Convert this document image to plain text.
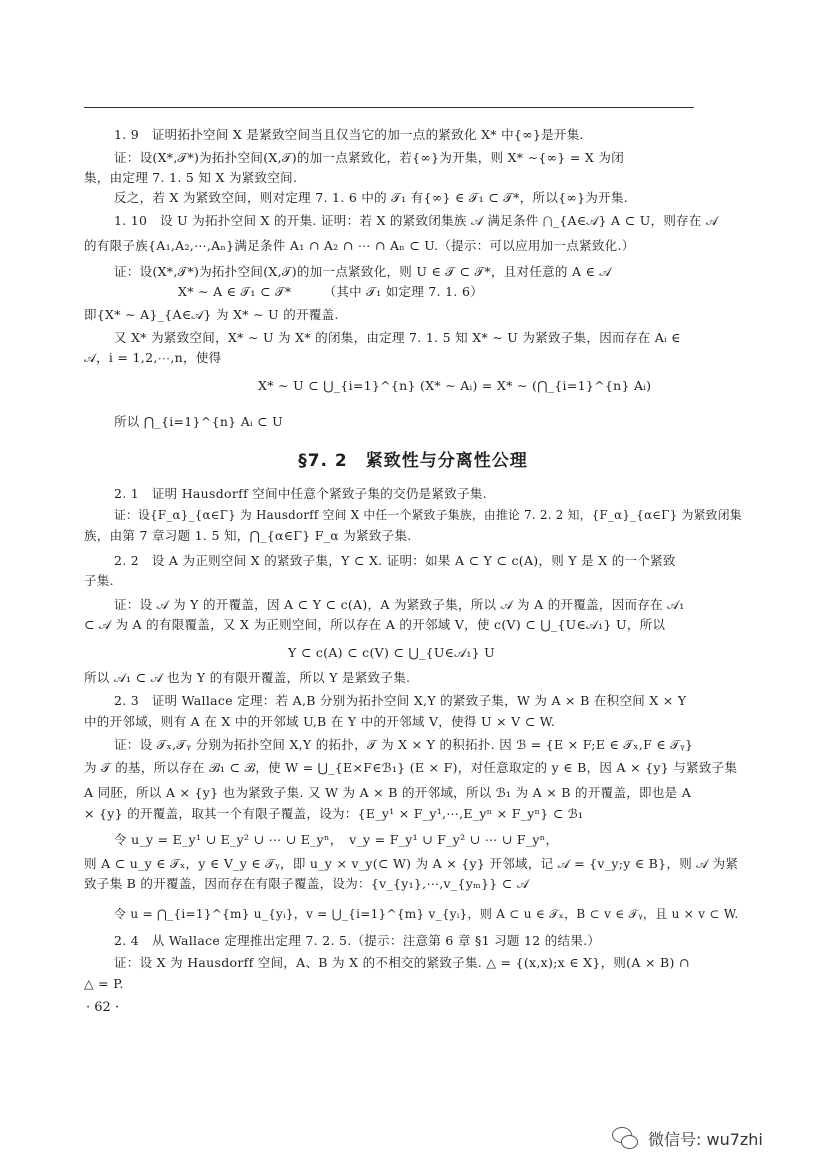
1. 9　证明拓扑空间 X 是紧致空间当且仅当它的加一点的紧致化 X* 中{∞}是开集.
证：设(X*,𝒯*)为拓扑空间(X,𝒯)的加一点紧致化，若{∞}为开集，则 X* ∼{∞} = X 为闭
集，由定理 7. 1. 5 知 X 为紧致空间.
反之，若 X 为紧致空间，则对定理 7. 1. 6 中的 𝒯₁ 有{∞} ∈ 𝒯₁ ⊂ 𝒯*，所以{∞}为开集.
1. 10　设 U 为拓扑空间 X 的开集. 证明：若 X 的紧致闭集族 𝒜 满足条件 ⋂_{A∈𝒜} A ⊂ U，则存在 𝒜
的有限子族{A₁,A₂,⋯,Aₙ}满足条件 A₁ ∩ A₂ ∩ ⋯ ∩ Aₙ ⊂ U.（提示：可以应用加一点紧致化.）
证：设(X*,𝒯*)为拓扑空间(X,𝒯)的加一点紧致化，则 U ∈ 𝒯 ⊂ 𝒯*，且对任意的 A ∈ 𝒜
X* ∼ A ∈ 𝒯₁ ⊂ 𝒯*　　　（其中 𝒯₁ 如定理 7. 1. 6）
即{X* ∼ A}_{A∈𝒜} 为 X* ∼ U 的开覆盖.
又 X* 为紧致空间，X* ∼ U 为 X* 的闭集，由定理 7. 1. 5 知 X* ∼ U 为紧致子集，因而存在 Aᵢ ∈
𝒜，i = 1,2,⋯,n，使得
X* ∼ U ⊂ ⋃_{i=1}^{n} (X* ∼ Aᵢ) = X* ∼ (⋂_{i=1}^{n} Aᵢ)
所以 ⋂_{i=1}^{n} Aᵢ ⊂ U
§7. 2　紧致性与分离性公理
2. 1　证明 Hausdorff 空间中任意个紧致子集的交仍是紧致子集.
证：设{F_α}_{α∈Γ} 为 Hausdorff 空间 X 中任一个紧致子集族，由推论 7. 2. 2 知，{F_α}_{α∈Γ} 为紧致闭集
族，由第 7 章习题 1. 5 知，⋂_{α∈Γ} F_α 为紧致子集.
2. 2　设 A 为正则空间 X 的紧致子集，Y ⊂ X. 证明：如果 A ⊂ Y ⊂ c(A)，则 Y 是 X 的一个紧致
子集.
证：设 𝒜 为 Y 的开覆盖，因 A ⊂ Y ⊂ c(A)，A 为紧致子集，所以 𝒜 为 A 的开覆盖，因而存在 𝒜₁
⊂ 𝒜 为 A 的有限覆盖，又 X 为正则空间，所以存在 A 的开邻域 V，使 c(V) ⊂ ⋃_{U∈𝒜₁} U，所以
Y ⊂ c(A) ⊂ c(V) ⊂ ⋃_{U∈𝒜₁} U
所以 𝒜₁ ⊂ 𝒜 也为 Y 的有限开覆盖，所以 Y 是紧致子集.
2. 3　证明 Wallace 定理：若 A,B 分别为拓扑空间 X,Y 的紧致子集，W 为 A × B 在积空间 X × Y
中的开邻域，则有 A 在 X 中的开邻域 U,B 在 Y 中的开邻域 V，使得 U × V ⊂ W.
证：设 𝒯ₓ,𝒯ᵧ 分别为拓扑空间 X,Y 的拓扑，𝒯 为 X × Y 的积拓扑. 因 ℬ = {E × F;E ∈ 𝒯ₓ,F ∈ 𝒯ᵧ}
为 𝒯 的基，所以存在 ℬ₁ ⊂ ℬ，使 W = ⋃_{E×F∈ℬ₁} (E × F)，对任意取定的 y ∈ B，因 A × {y} 与紧致子集
A 同胚，所以 A × {y} 也为紧致子集. 又 W 为 A × B 的开邻域，所以 ℬ₁ 为 A × B 的开覆盖，即也是 A
× {y} 的开覆盖，取其一个有限子覆盖，设为：{E_y¹ × F_y¹,⋯,E_yⁿ × F_yⁿ} ⊂ ℬ₁
令 u_y = E_y¹ ∪ E_y² ∪ ⋯ ∪ E_yⁿ，　v_y = F_y¹ ∪ F_y² ∪ ⋯ ∪ F_yⁿ，
则 A ⊂ u_y ∈ 𝒯ₓ，y ∈ V_y ∈ 𝒯ᵧ，即 u_y × v_y(⊂ W) 为 A × {y} 开邻域，记 𝒜 = {v_y;y ∈ B}，则 𝒜 为紧
致子集 B 的开覆盖，因而存在有限子覆盖，设为：{v_{y₁},⋯,v_{yₘ}} ⊂ 𝒜
令 u = ⋂_{i=1}^{m} u_{yᵢ}，v = ⋃_{i=1}^{m} v_{yᵢ}，则 A ⊂ u ∈ 𝒯ₓ，B ⊂ v ∈ 𝒯ᵧ，且 u × v ⊂ W.
2. 4　从 Wallace 定理推出定理 7. 2. 5.（提示：注意第 6 章 §1 习题 12 的结果.）
证：设 X 为 Hausdorff 空间，A、B 为 X 的不相交的紧致子集. △ = {(x,x);x ∈ X}，则(A × B) ∩
△ = P.
· 62 ·
微信号: wu7zhi
